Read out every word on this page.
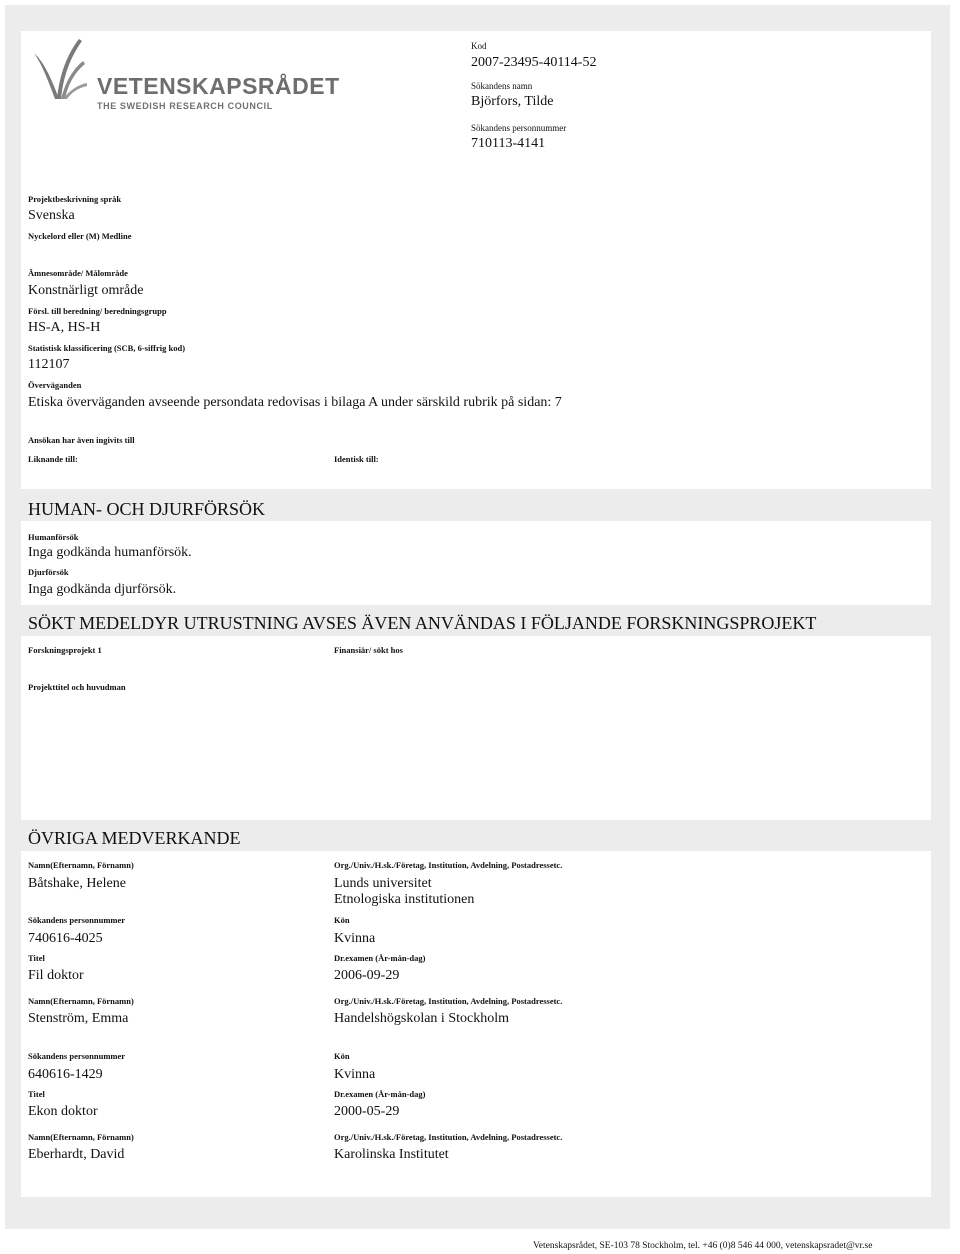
VETENSKAPSRÅDET
THE SWEDISH RESEARCH COUNCIL
Kod
2007-23495-40114-52
Sökandens namn
Björfors, Tilde
Sökandens personnummer
710113-4141
Projektbeskrivning språk
Svenska
Nyckelord eller (M) Medline
Ämnesområde/ Målområde
Konstnärligt område
Försl. till beredning/ beredningsgrupp
HS-A, HS-H
Statistisk klassificering (SCB, 6-siffrig kod)
112107
Överväganden
Etiska överväganden avseende persondata redovisas i bilaga A under särskild rubrik på sidan: 7
Ansökan har även ingivits till
Liknande till:	Identisk till:
HUMAN- OCH DJURFÖRSÖK
Humanförsök
Inga godkända humanförsök.
Djurförsök
Inga godkända djurförsök.
SÖKT MEDELDYR UTRUSTNING AVSES ÄVEN ANVÄNDAS I FÖLJANDE FORSKNINGSPROJEKT
Forskningsprojekt 1	Finansiär/ sökt hos
Projekttitel och huvudman
ÖVRIGA MEDVERKANDE
Namn(Efternamn, Förnamn)
Båtshake, Helene
Org./Univ./H.sk./Företag, Institution, Avdelning, Postadressetc.
Lunds universitet
Etnologiska institutionen
Sökandens personnummer
740616-4025
Kön
Kvinna
Titel
Fil doktor
Dr.examen (År-mån-dag)
2006-09-29
Namn(Efternamn, Förnamn)
Stenström, Emma
Org./Univ./H.sk./Företag, Institution, Avdelning, Postadressetc.
Handelshögskolan i Stockholm
Sökandens personnummer
640616-1429
Kön
Kvinna
Titel
Ekon doktor
Dr.examen (År-mån-dag)
2000-05-29
Namn(Efternamn, Förnamn)
Eberhardt, David
Org./Univ./H.sk./Företag, Institution, Avdelning, Postadressetc.
Karolinska Institutet
Vetenskapsrådet, SE-103 78 Stockholm, tel. +46 (0)8 546 44 000, vetenskapsradet@vr.se
